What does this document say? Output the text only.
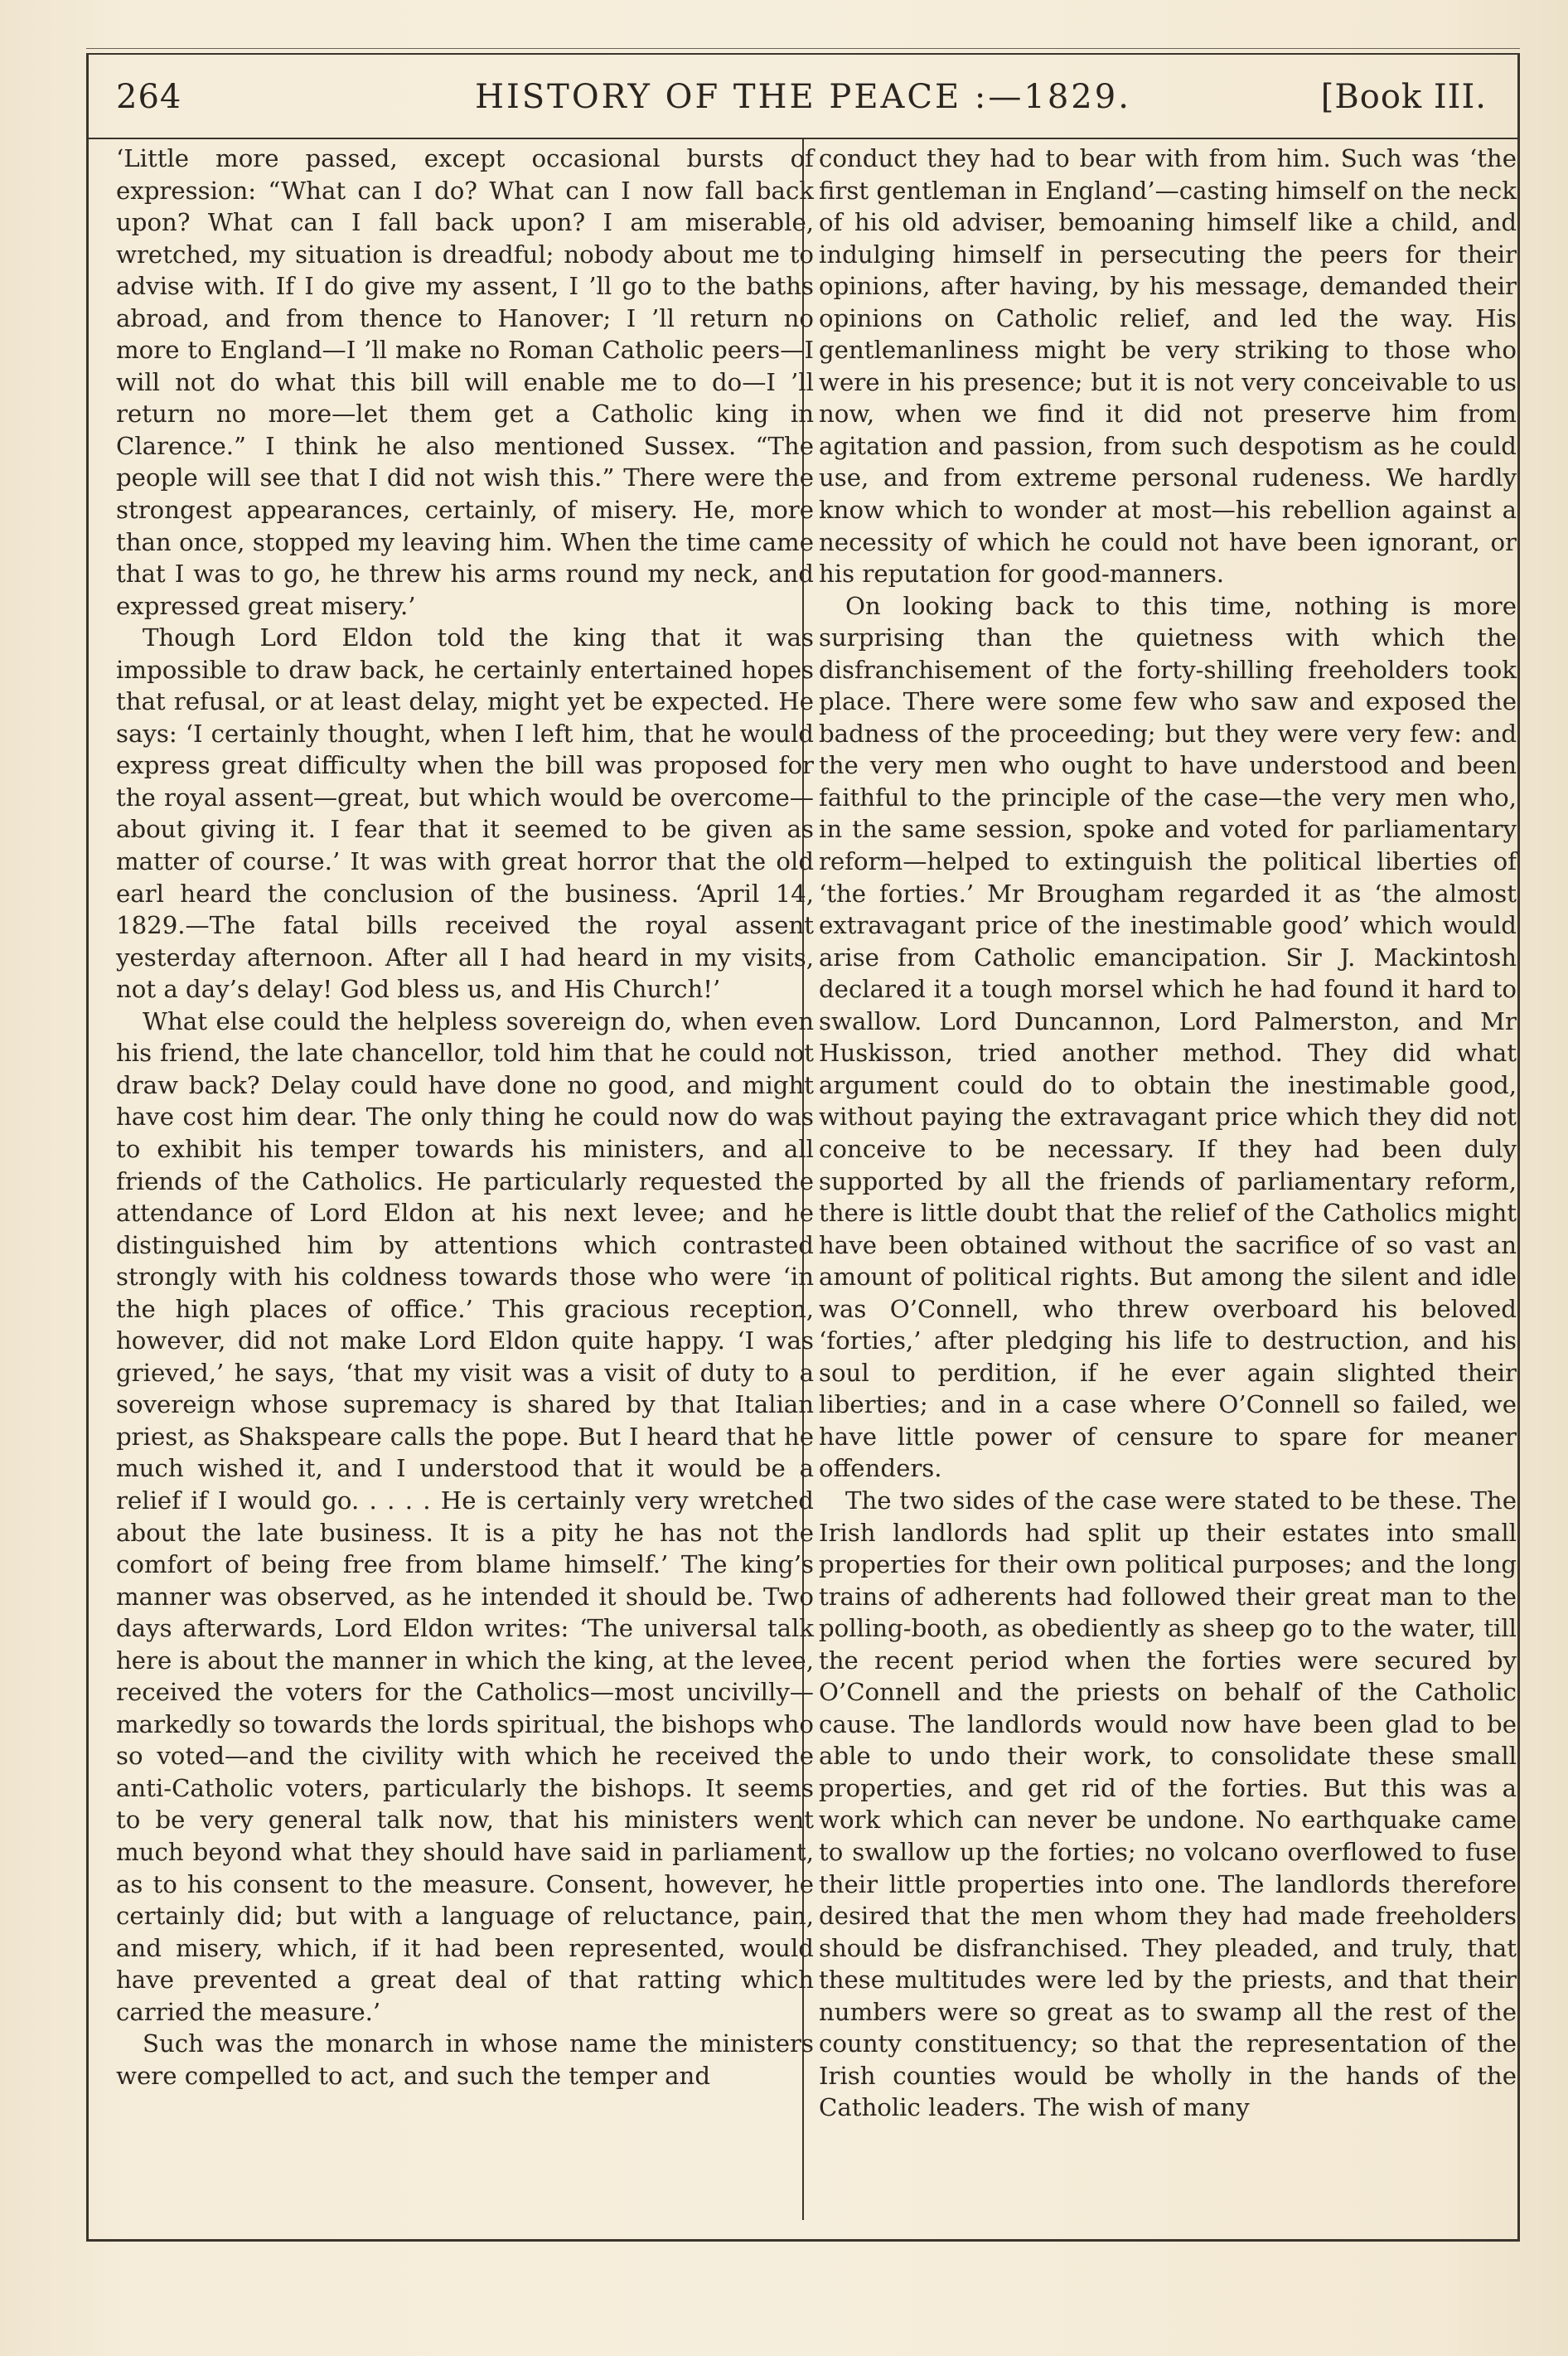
264	HISTORY OF THE PEACE :—1829.	[Book III.

‘Little more passed, except occasional bursts of expression: “What can I do? What can I now fall back upon? What can I fall back upon? I am miserable, wretched, my situation is dreadful; nobody about me to advise with. If I do give my assent, I ’ll go to the baths abroad, and from thence to Hanover; I ’ll return no more to England—I ’ll make no Roman Catholic peers—I will not do what this bill will enable me to do—I ’ll return no more—let them get a Catholic king in Clarence.” I think he also mentioned Sussex. “The people will see that I did not wish this.” There were the strongest appearances, certainly, of misery. He, more than once, stopped my leaving him. When the time came that I was to go, he threw his arms round my neck, and expressed great misery.’

Though Lord Eldon told the king that it was impossible to draw back, he certainly entertained hopes that refusal, or at least delay, might yet be expected. He says: ‘I certainly thought, when I left him, that he would express great difficulty when the bill was proposed for the royal assent—great, but which would be overcome—about giving it. I fear that it seemed to be given as matter of course.’ It was with great horror that the old earl heard the conclusion of the business. ‘April 14, 1829.—The fatal bills received the royal assent yesterday afternoon. After all I had heard in my visits, not a day’s delay! God bless us, and His Church!’

What else could the helpless sovereign do, when even his friend, the late chancellor, told him that he could not draw back? Delay could have done no good, and might have cost him dear. The only thing he could now do was to exhibit his temper towards his ministers, and all friends of the Catholics. He particularly requested the attendance of Lord Eldon at his next levee; and he distinguished him by attentions which contrasted strongly with his coldness towards those who were ‘in the high places of office.’ This gracious reception, however, did not make Lord Eldon quite happy. ‘I was grieved,’ he says, ‘that my visit was a visit of duty to a sovereign whose supremacy is shared by that Italian priest, as Shakspeare calls the pope. But I heard that he much wished it, and I understood that it would be a relief if I would go. . . . . He is certainly very wretched about the late business. It is a pity he has not the comfort of being free from blame himself.’ The king’s manner was observed, as he intended it should be. Two days afterwards, Lord Eldon writes: ‘The universal talk here is about the manner in which the king, at the levee, received the voters for the Catholics—most uncivilly—markedly so towards the lords spiritual, the bishops who so voted—and the civility with which he received the anti-Catholic voters, particularly the bishops. It seems to be very general talk now, that his ministers went much beyond what they should have said in parliament, as to his consent to the measure. Consent, however, he certainly did; but with a language of reluctance, pain, and misery, which, if it had been represented, would have prevented a great deal of that ratting which carried the measure.’

Such was the monarch in whose name the ministers were compelled to act, and such the temper and

conduct they had to bear with from him. Such was ‘the first gentleman in England’—casting himself on the neck of his old adviser, bemoaning himself like a child, and indulging himself in persecuting the peers for their opinions, after having, by his message, demanded their opinions on Catholic relief, and led the way. His gentlemanliness might be very striking to those who were in his presence; but it is not very conceivable to us now, when we find it did not preserve him from agitation and passion, from such despotism as he could use, and from extreme personal rudeness. We hardly know which to wonder at most—his rebellion against a necessity of which he could not have been ignorant, or his reputation for good-manners.

On looking back to this time, nothing is more surprising than the quietness with which the disfranchisement of the forty-shilling freeholders took place. There were some few who saw and exposed the badness of the proceeding; but they were very few: and the very men who ought to have understood and been faithful to the principle of the case—the very men who, in the same session, spoke and voted for parliamentary reform—helped to extinguish the political liberties of ‘the forties.’ Mr Brougham regarded it as ‘the almost extravagant price of the inestimable good’ which would arise from Catholic emancipation. Sir J. Mackintosh declared it a tough morsel which he had found it hard to swallow. Lord Duncannon, Lord Palmerston, and Mr Huskisson, tried another method. They did what argument could do to obtain the inestimable good, without paying the extravagant price which they did not conceive to be necessary. If they had been duly supported by all the friends of parliamentary reform, there is little doubt that the relief of the Catholics might have been obtained without the sacrifice of so vast an amount of political rights. But among the silent and idle was O’Connell, who threw overboard his beloved ‘forties,’ after pledging his life to destruction, and his soul to perdition, if he ever again slighted their liberties; and in a case where O’Connell so failed, we have little power of censure to spare for meaner offenders.

The two sides of the case were stated to be these. The Irish landlords had split up their estates into small properties for their own political purposes; and the long trains of adherents had followed their great man to the polling-booth, as obediently as sheep go to the water, till the recent period when the forties were secured by O’Connell and the priests on behalf of the Catholic cause. The landlords would now have been glad to be able to undo their work, to consolidate these small properties, and get rid of the forties. But this was a work which can never be undone. No earthquake came to swallow up the forties; no volcano overflowed to fuse their little properties into one. The landlords therefore desired that the men whom they had made freeholders should be disfranchised. They pleaded, and truly, that these multitudes were led by the priests, and that their numbers were so great as to swamp all the rest of the county constituency; so that the representation of the Irish counties would be wholly in the hands of the Catholic leaders. The wish of many
